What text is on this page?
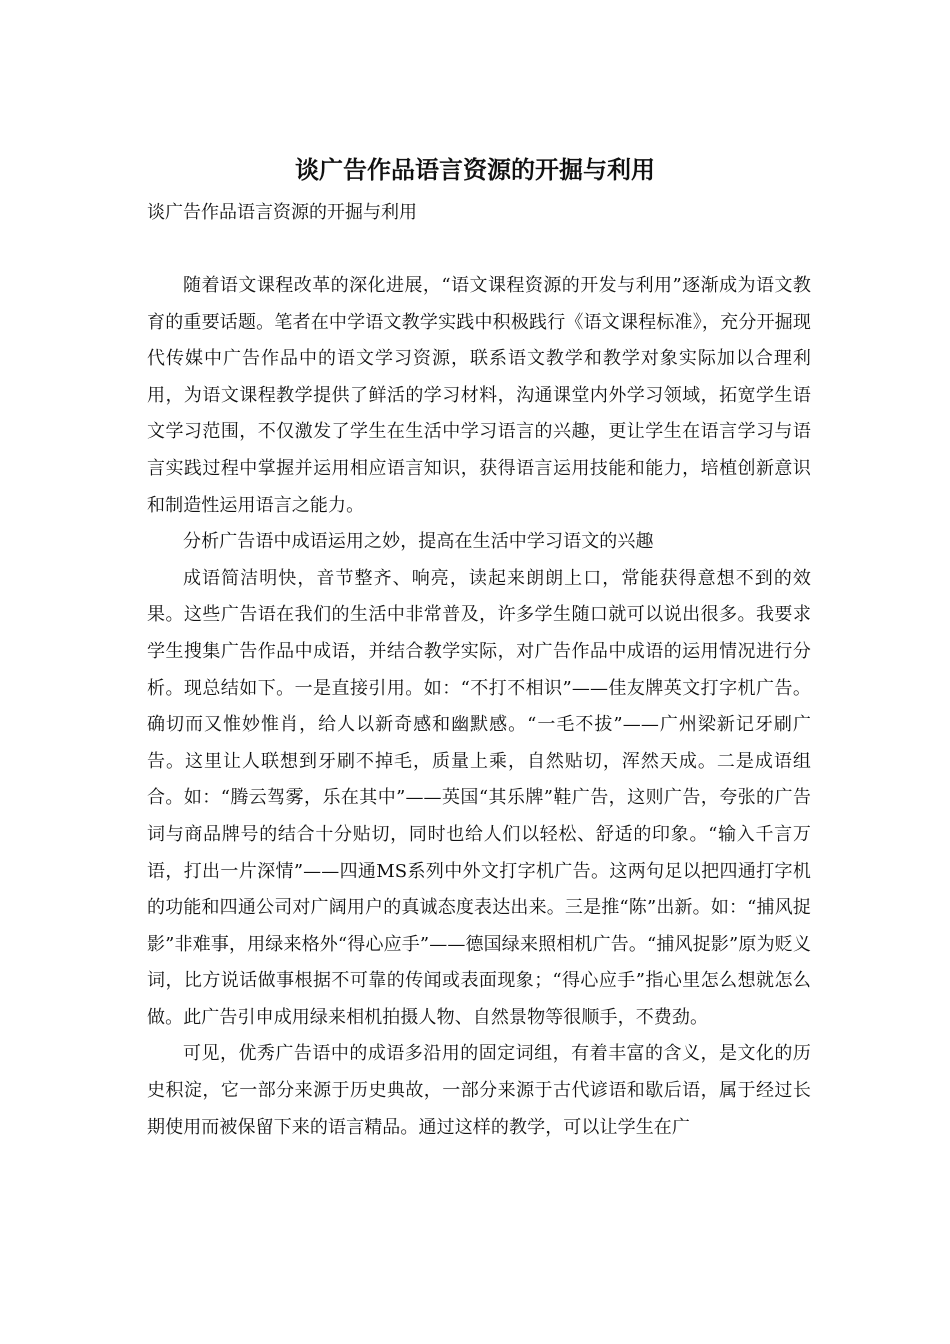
谈广告作品语言资源的开掘与利用

谈广告作品语言资源的开掘与利用

随着语文课程改革的深化进展，“语文课程资源的开发与利用”逐渐成为语文教育的重要话题。笔者在中学语文教学实践中积极践行《语文课程标准》，充分开掘现代传媒中广告作品中的语文学习资源，联系语文教学和教学对象实际加以合理利用，为语文课程教学提供了鲜活的学习材料，沟通课堂内外学习领域，拓宽学生语文学习范围，不仅激发了学生在生活中学习语言的兴趣，更让学生在语言学习与语言实践过程中掌握并运用相应语言知识，获得语言运用技能和能力，培植创新意识和制造性运用语言之能力。

分析广告语中成语运用之妙，提高在生活中学习语文的兴趣

成语简洁明快，音节整齐、响亮，读起来朗朗上口，常能获得意想不到的效果。这些广告语在我们的生活中非常普及，许多学生随口就可以说出很多。我要求学生搜集广告作品中成语，并结合教学实际，对广告作品中成语的运用情况进行分析。现总结如下。一是直接引用。如：“不打不相识”——佳友牌英文打字机广告。确切而又惟妙惟肖，给人以新奇感和幽默感。“一毛不拔”——广州梁新记牙刷广告。这里让人联想到牙刷不掉毛，质量上乘，自然贴切，浑然天成。二是成语组合。如：“腾云驾雾，乐在其中”——英国“其乐牌”鞋广告，这则广告，夸张的广告词与商品牌号的结合十分贴切，同时也给人们以轻松、舒适的印象。“输入千言万语，打出一片深情”——四通MS系列中外文打字机广告。这两句足以把四通打字机的功能和四通公司对广阔用户的真诚态度表达出来。三是推“陈”出新。如：“捕风捉影”非难事，用绿来格外“得心应手”——德国绿来照相机广告。“捕风捉影”原为贬义词，比方说话做事根据不可靠的传闻或表面现象；“得心应手”指心里怎么想就怎么做。此广告引申成用绿来相机拍摄人物、自然景物等很顺手，不费劲。

可见，优秀广告语中的成语多沿用的固定词组，有着丰富的含义，是文化的历史积淀，它一部分来源于历史典故，一部分来源于古代谚语和歇后语，属于经过长期使用而被保留下来的语言精品。通过这样的教学，可以让学生在广
